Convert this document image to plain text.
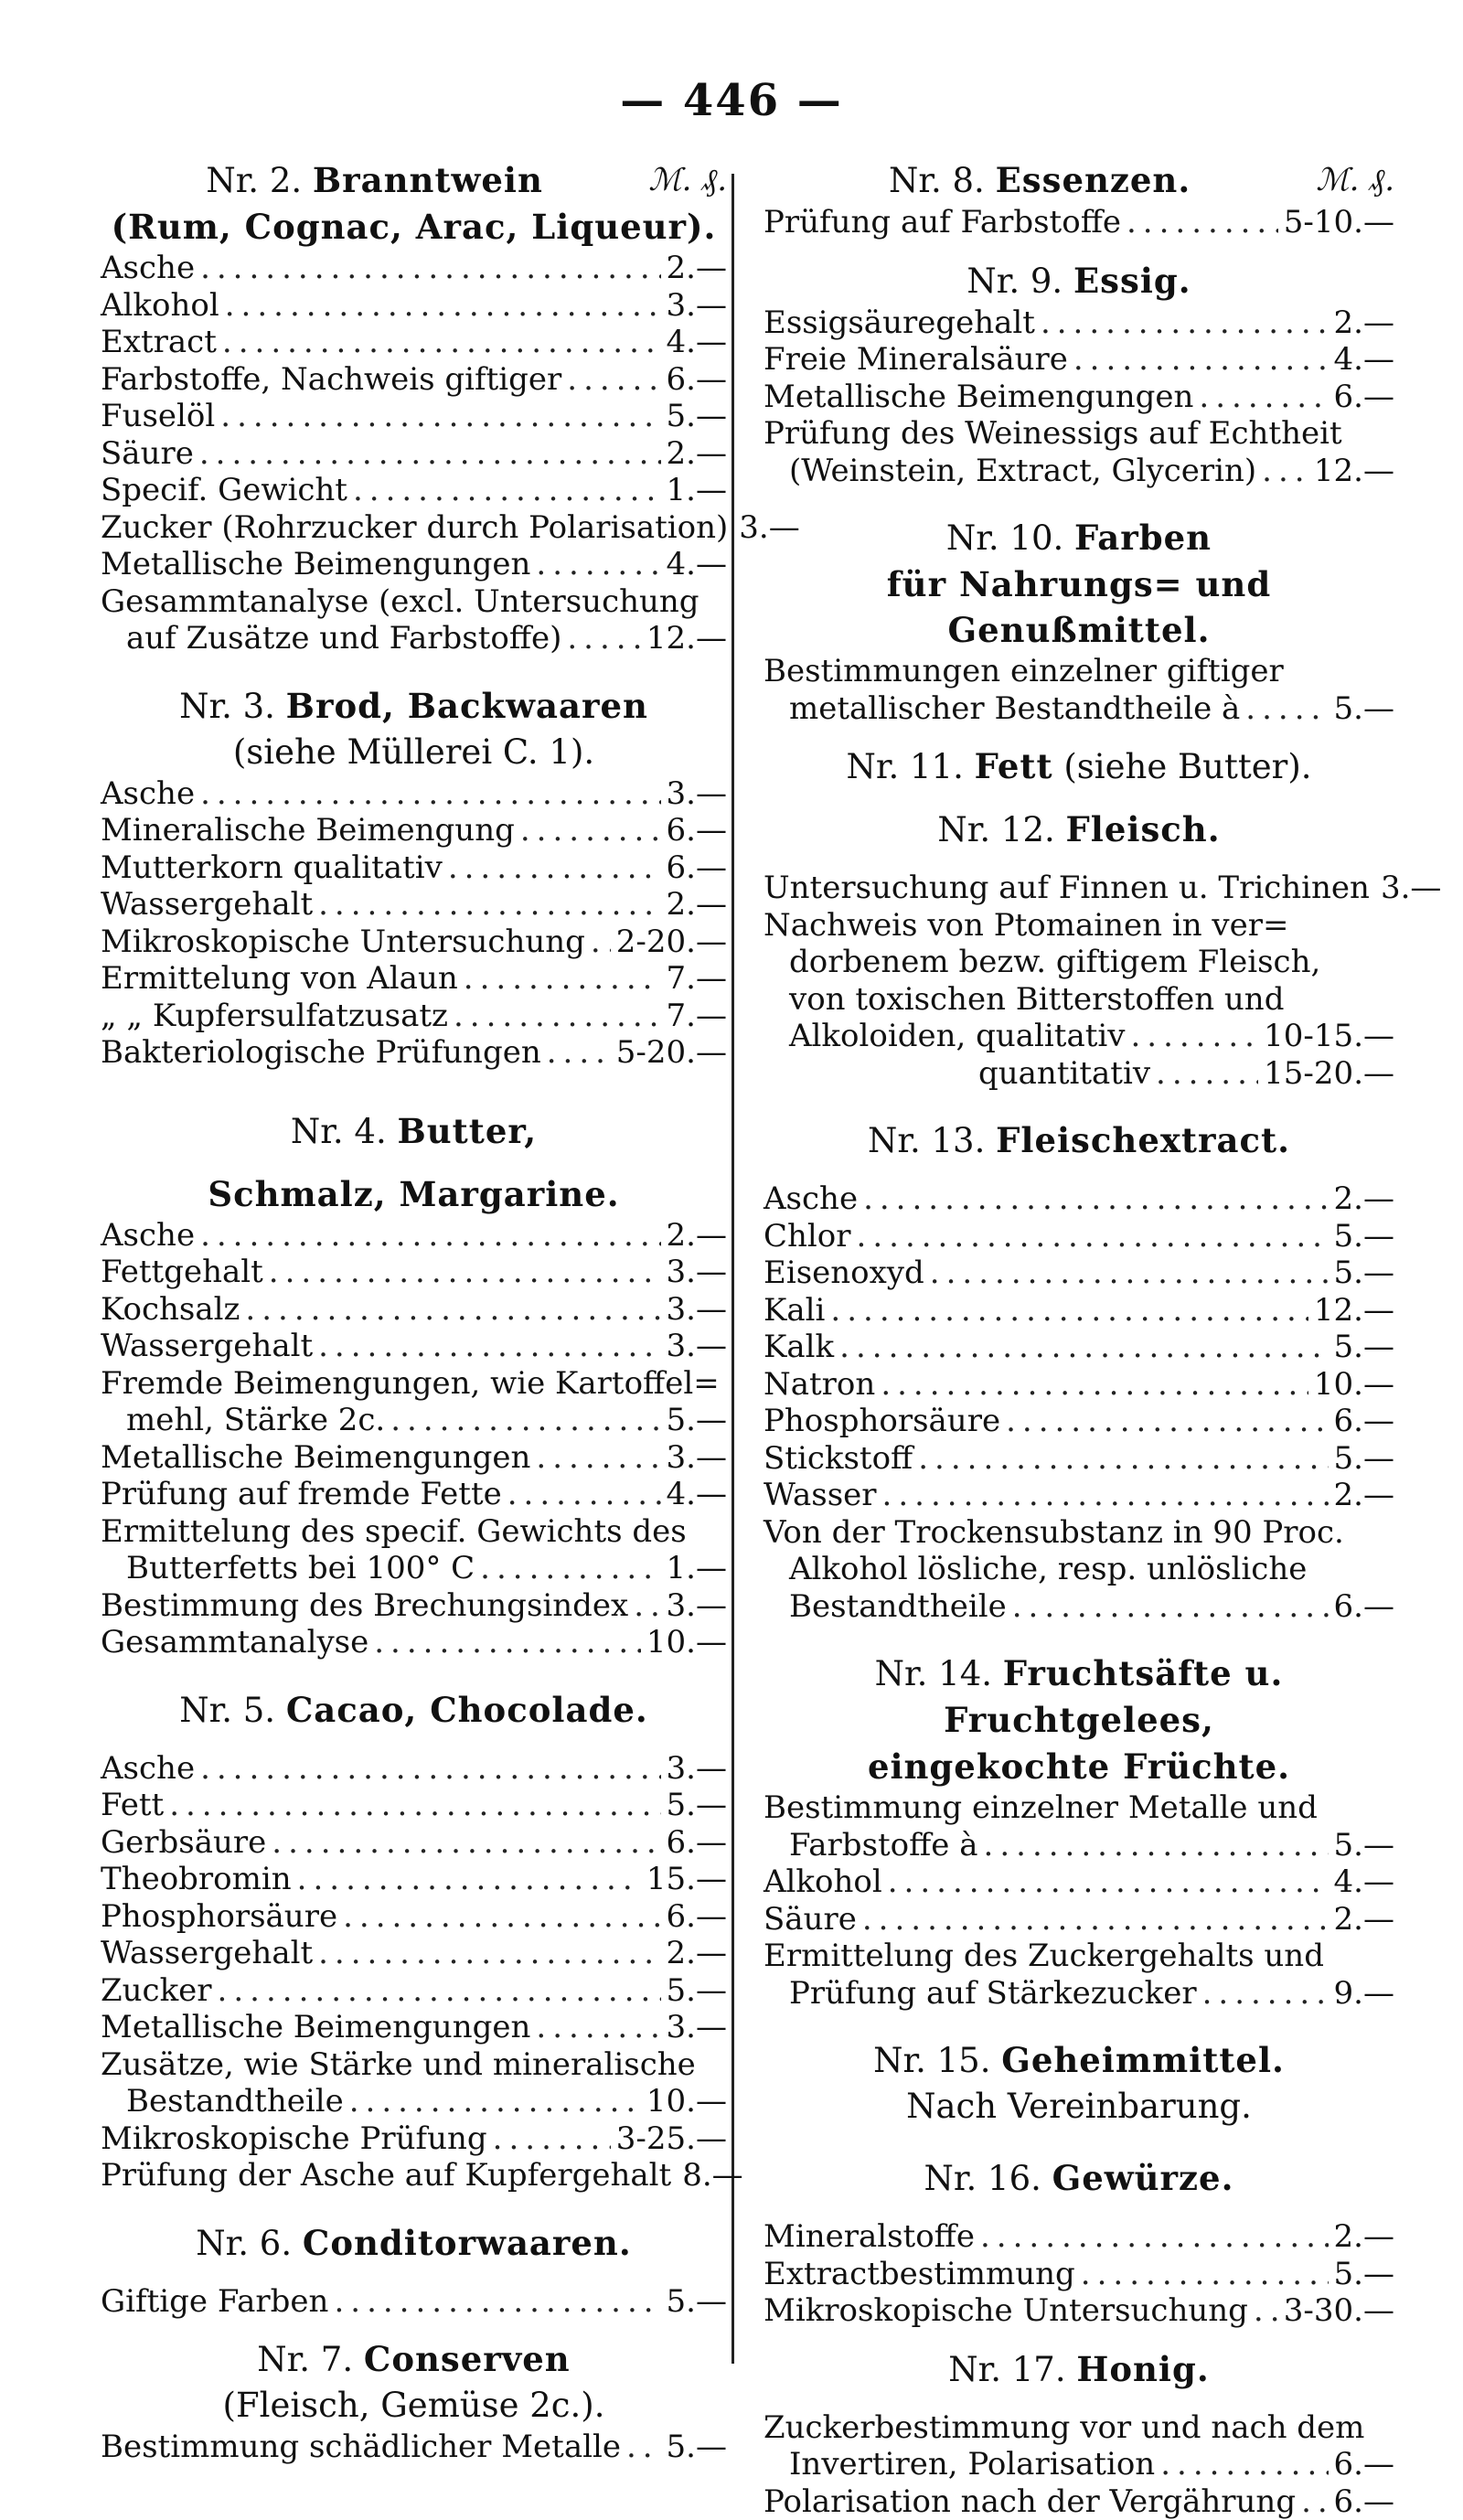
— 446 —
Nr. 2. Branntwein	ℳ. ₰.
(Rum, Cognac, Arac, Liqueur).
Asche .....	2.—
Alkohol .....	3.—
Extract .....	4.—
Farbstoffe, Nachweis giftiger .....	6.—
Fuselöl .....	5.—
Säure .....	2.—
Specif. Gewicht .....	1.—
Zucker (Rohrzucker durch Polarisation) 3.—
Metallische Beimengungen .....	4.—
Gesammtanalyse (excl. Untersuchung
auf Zusätze und Farbstoffe) .....	12.—
Nr. 3. Brod, Backwaaren
(siehe Müllerei C. 1).
Asche .....	3.—
Mineralische Beimengung .....	6.—
Mutterkorn qualitativ .....	6.—
Wassergehalt .....	2.—
Mikroskopische Untersuchung ..... 2-20.—
Ermittelung von Alaun .....	7.—
„ „ Kupfersulfatzusatz .....	7.—
Bakteriologische Prüfungen ..... 5-20.—
Nr. 4. Butter,
Schmalz, Margarine.
Asche .....	2.—
Fettgehalt .....	3.—
Kochsalz .....	3.—
Wassergehalt .....	3.—
Fremde Beimengungen, wie Kartoffel=
mehl, Stärke 2c. .....	5.—
Metallische Beimengungen .....	3.—
Prüfung auf fremde Fette .....	4.—
Ermittelung des specif. Gewichts des
Butterfetts bei 100° C .....	1.—
Bestimmung des Brechungsindex ..... 3.—
Gesammtanalyse .....	10.—
Nr. 5. Cacao, Chocolade.
Asche .....	3.—
Fett .....	5.—
Gerbsäure .....	6.—
Theobromin .....	15.—
Phosphorsäure .....	6.—
Wassergehalt .....	2.—
Zucker .....	5.—
Metallische Beimengungen .....	3.—
Zusätze, wie Stärke und mineralische
Bestandtheile .....	10.—
Mikroskopische Prüfung .....	3-25.—
Prüfung der Asche auf Kupfergehalt 8.—
Nr. 6. Conditorwaaren.
Giftige Farben .....	5.—
Nr. 7. Conserven
(Fleisch, Gemüse 2c.).
Bestimmung schädlicher Metalle ..... 5.—
Nr. 8. Essenzen.	ℳ. ₰.
Prüfung auf Farbstoffe .....	5-10.—
Nr. 9. Essig.
Essigsäuregehalt .....	2.—
Freie Mineralsäure .....	4.—
Metallische Beimengungen .....	6.—
Prüfung des Weinessigs auf Echtheit
(Weinstein, Extract, Glycerin) ..... 12.—
Nr. 10. Farben
für Nahrungs= und Genußmittel.
Bestimmungen einzelner giftiger
metallischer Bestandtheile à .....	5.—
Nr. 11. Fett (siehe Butter).
Nr. 12. Fleisch.
Untersuchung auf Finnen u. Trichinen 3.—
Nachweis von Ptomainen in ver=
dorbenem bezw. giftigem Fleisch,
von toxischen Bitterstoffen und
Alkoloiden, qualitativ .....	10-15.—
quantitativ .....	15-20.—
Nr. 13. Fleischextract.
Asche .....	2.—
Chlor .....	5.—
Eisenoxyd .....	5.—
Kali .....	12.—
Kalk .....	5.—
Natron .....	10.—
Phosphorsäure .....	6.—
Stickstoff .....	5.—
Wasser .....	2.—
Von der Trockensubstanz in 90 Proc.
Alkohol lösliche, resp. unlösliche
Bestandtheile .....	6.—
Nr. 14. Fruchtsäfte u. Fruchtgelees,
eingekochte Früchte.
Bestimmung einzelner Metalle und
Farbstoffe à .....	5.—
Alkohol .....	4.—
Säure .....	2.—
Ermittelung des Zuckergehalts und
Prüfung auf Stärkezucker .....	9.—
Nr. 15. Geheimmittel.
Nach Vereinbarung.
Nr. 16. Gewürze.
Mineralstoffe .....	2.—
Extractbestimmung .....	5.—
Mikroskopische Untersuchung ..... 3-30.—
Nr. 17. Honig.
Zuckerbestimmung vor und nach dem
Invertiren, Polarisation .....	6.—
Polarisation nach der Vergährung ..... 6.—
